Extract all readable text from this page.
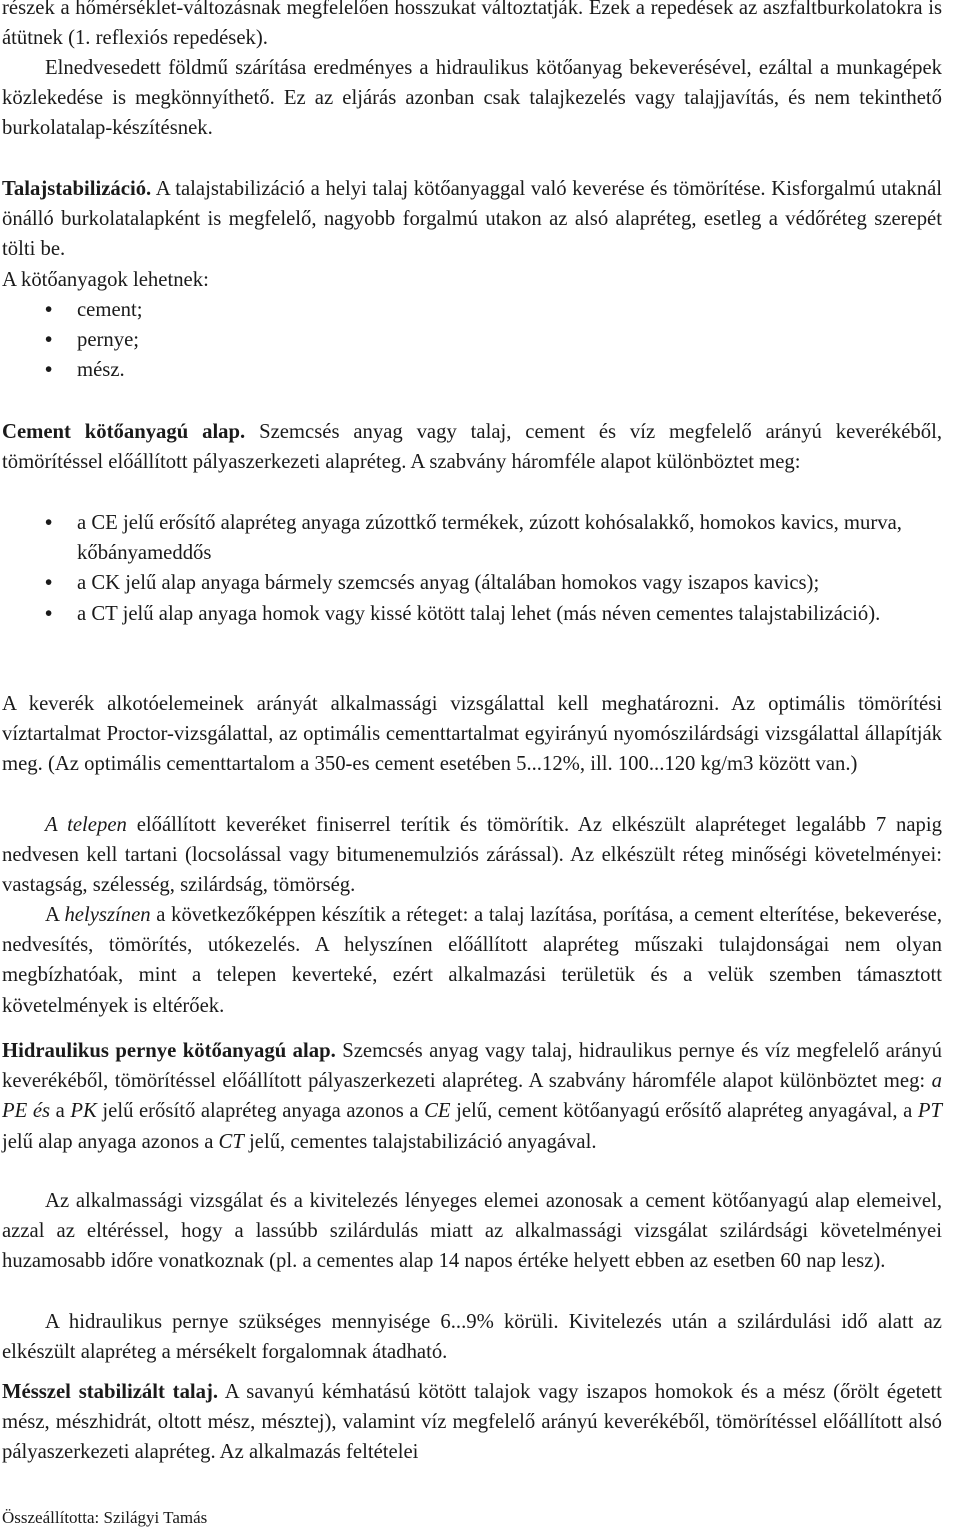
részek a hőmérséklet-változásnak megfelelően hosszukat változtatják. Ezek a repedések az aszfaltburkolatokra is átütnek (1. reflexiós repedések).

Elnedvesedett földmű szárítása eredményes a hidraulikus kötőanyag bekeverésével, ezáltal a munkagépek közlekedése is megkönnyíthető. Ez az eljárás azonban csak talajkezelés vagy talajjavítás, és nem tekinthető burkolatalap-készítésnek.

Talajstabilizáció. A talajstabilizáció a helyi talaj kötőanyaggal való keverése és tömörítése. Kisforgalmú utaknál önálló burkolatalapként is megfelelő, nagyobb forgalmú utakon az alsó alapréteg, esetleg a védőréteg szerepét tölti be.

A kötőanyagok lehetnek:

•	cement;
•	pernye;
•	mész.

Cement kötőanyagú alap. Szemcsés anyag vagy talaj, cement és víz megfelelő arányú keverékéből, tömörítéssel előállított pályaszerkezeti alapréteg. A szabvány háromféle alapot különböztet meg:

•	a CE jelű erősítő alapréteg anyaga zúzottkő termékek, zúzott kohósalakkő, homokos kavics, murva, kőbányameddős
•	a CK jelű alap anyaga bármely szemcsés anyag (általában homokos vagy iszapos kavics);
•	a CT jelű alap anyaga homok vagy kissé kötött talaj lehet (más néven cementes talajstabilizáció).

A keverék alkotóelemeinek arányát alkalmassági vizsgálattal kell meghatározni. Az optimális tömörítési víztartalmat Proctor-vizsgálattal, az optimális cementtartalmat egyirányú nyomószilárdsági vizsgálattal állapítják meg. (Az optimális cementtartalom a 350-es cement esetében 5...12%, ill. 100...120 kg/m3 között van.)

A telepen előállított keveréket finiserrel terítik és tömörítik. Az elkészült alapréteget legalább 7 napig nedvesen kell tartani (locsolással vagy bitumenemulziós zárással). Az elkészült réteg minőségi követelményei: vastagság, szélesség, szilárdság, tömörség.

A helyszínen a következőképpen készítik a réteget: a talaj lazítása, porítása, a cement elterítése, bekeverése, nedvesítés, tömörítés, utókezelés. A helyszínen előállított alapréteg műszaki tulajdonságai nem olyan megbízhatóak, mint a telepen keverteké, ezért alkalmazási területük és a velük szemben támasztott követelmények is eltérőek.

Hidraulikus pernye kötőanyagú alap. Szemcsés anyag vagy talaj, hidraulikus pernye és víz megfelelő arányú keverékéből, tömörítéssel előállított pályaszerkezeti alapréteg. A szabvány háromféle alapot különböztet meg: a PE és a PK jelű erősítő alapréteg anyaga azonos a CE jelű, cement kötőanyagú erősítő alapréteg anyagával, a PT jelű alap anyaga azonos a CT jelű, cementes talajstabilizáció anyagával.

Az alkalmassági vizsgálat és a kivitelezés lényeges elemei azonosak a cement kötőanyagú alap elemeivel, azzal az eltéréssel, hogy a lassúbb szilárdulás miatt az alkalmassági vizsgálat szilárdsági követelményei huzamosabb időre vonatkoznak (pl. a cementes alap 14 napos értéke helyett ebben az esetben 60 nap lesz).

A hidraulikus pernye szükséges mennyisége 6...9% körüli. Kivitelezés után a szilárdulási idő alatt az elkészült alapréteg a mérsékelt forgalomnak átadható.

Mésszel stabilizált talaj. A savanyú kémhatású kötött talajok vagy iszapos homokok és a mész (őrölt égetett mész, mészhidrát, oltott mész, mésztej), valamint víz megfelelő arányú keverékéből, tömörítéssel előállított alsó pályaszerkezeti alapréteg. Az alkalmazás feltételei

Összeállította: Szilágyi Tamás
